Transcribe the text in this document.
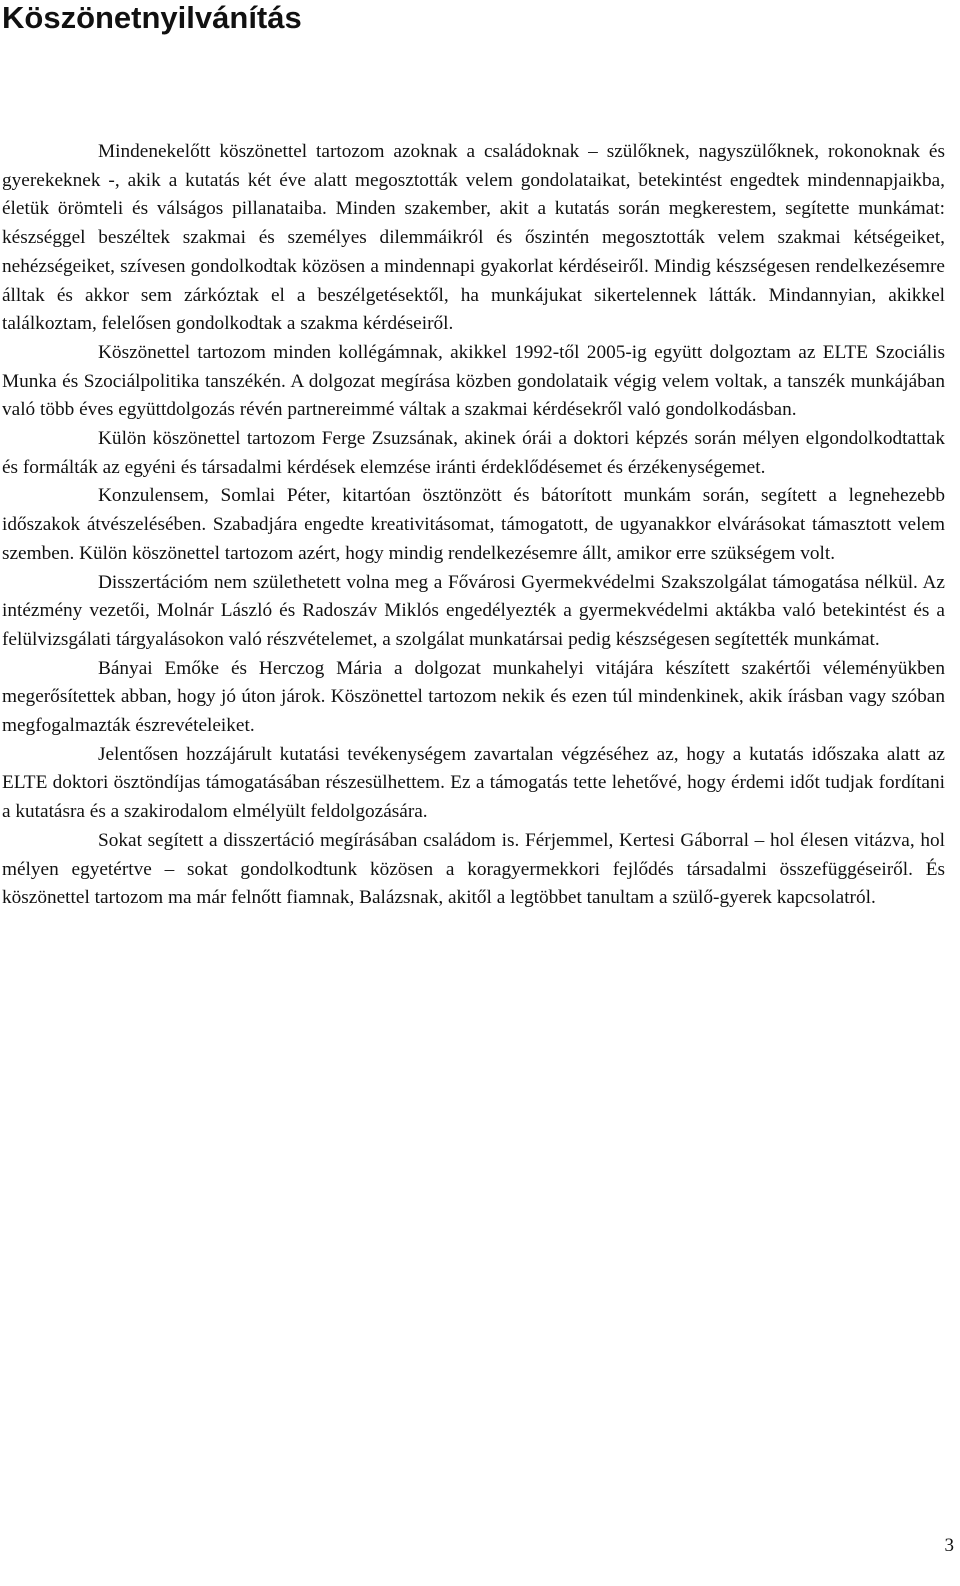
Köszönetnyilvánítás

Mindenekelőtt köszönettel tartozom azoknak a családoknak – szülőknek, nagyszülőknek, rokonoknak és gyerekeknek -, akik a kutatás két éve alatt megosztották velem gondolataikat, betekintést engedtek mindennapjaikba, életük örömteli és válságos pillanataiba. Minden szakember, akit a kutatás során megkerestem, segítette munkámat: készséggel beszéltek szakmai és személyes dilemmáikról és őszintén megosztották velem szakmai kétségeiket, nehézségeiket, szívesen gondolkodtak közösen a mindennapi gyakorlat kérdéseiről. Mindig készségesen rendelkezésemre álltak és akkor sem zárkóztak el a beszélgetésektől, ha munkájukat sikertelennek látták. Mindannyian, akikkel találkoztam, felelősen gondolkodtak a szakma kérdéseiről.

Köszönettel tartozom minden kollégámnak, akikkel 1992-től 2005-ig együtt dolgoztam az ELTE Szociális Munka és Szociálpolitika tanszékén. A dolgozat megírása közben gondolataik végig velem voltak, a tanszék munkájában való több éves együttdolgozás révén partnereimmé váltak a szakmai kérdésekről való gondolkodásban.

Külön köszönettel tartozom Ferge Zsuzsának, akinek órái a doktori képzés során mélyen elgondolkodtattak és formálták az egyéni és társadalmi kérdések elemzése iránti érdeklődésemet és érzékenységemet.

Konzulensem, Somlai Péter, kitartóan ösztönzött és bátorított munkám során, segített a legnehezebb időszakok átvészelésében. Szabadjára engedte kreativitásomat, támogatott, de ugyanakkor elvárásokat támasztott velem szemben. Külön köszönettel tartozom azért, hogy mindig rendelkezésemre állt, amikor erre szükségem volt.

Disszertációm nem születhetett volna meg a Fővárosi Gyermekvédelmi Szakszolgálat támogatása nélkül. Az intézmény vezetői, Molnár László és Radoszáv Miklós engedélyezték a gyermekvédelmi aktákba való betekintést és a felülvizsgálati tárgyalásokon való részvételemet, a szolgálat munkatársai pedig készségesen segítették munkámat.

Bányai Emőke és Herczog Mária a dolgozat munkahelyi vitájára készített szakértői véleményükben megerősítettek abban, hogy jó úton járok. Köszönettel tartozom nekik és ezen túl mindenkinek, akik írásban vagy szóban megfogalmazták észrevételeiket.

Jelentősen hozzájárult kutatási tevékenységem zavartalan végzéséhez az, hogy a kutatás időszaka alatt az ELTE doktori ösztöndíjas támogatásában részesülhettem. Ez a támogatás tette lehetővé, hogy érdemi időt tudjak fordítani a kutatásra és a szakirodalom elmélyült feldolgozására.

Sokat segített a disszertáció megírásában családom is. Férjemmel, Kertesi Gáborral – hol élesen vitázva, hol mélyen egyetértve – sokat gondolkodtunk közösen a koragyermekkori fejlődés társadalmi összefüggéseiről. És köszönettel tartozom ma már felnőtt fiamnak, Balázsnak, akitől a legtöbbet tanultam a szülő-gyerek kapcsolatról.

3
